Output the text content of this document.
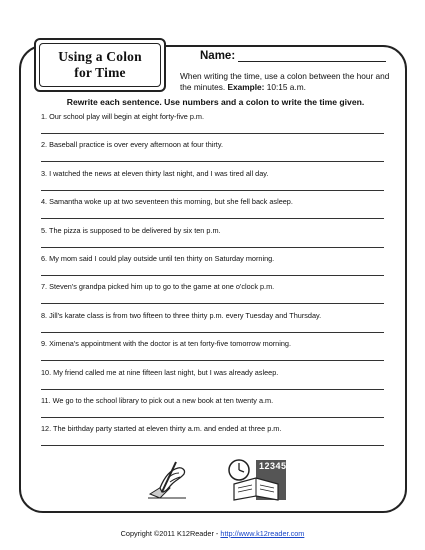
Using a Colon
for Time
Name:
When writing the time, use a colon between the hour and the minutes. Example: 10:15 a.m.
Rewrite each sentence. Use numbers and a colon to write the time given.
1. Our school play will begin at eight forty-five p.m.
2. Baseball practice is over every afternoon at four thirty.
3. I watched the news at eleven thirty last night, and I was tired all day.
4. Samantha woke up at two seventeen this morning, but she fell back asleep.
5. The pizza is supposed to be delivered by six ten p.m.
6. My mom said I could play outside until ten thirty on Saturday morning.
7. Steven's grandpa picked him up to go to the game at one o'clock p.m.
8. Jill's karate class is from two fifteen to three thirty p.m. every Tuesday and Thursday.
9. Ximena's appointment with the doctor is at ten forty-five tomorrow morning.
10. My friend called me at nine fifteen last night, but I was already asleep.
11. We go to the school library to pick out a new book at ten twenty a.m.
12. The birthday party started at eleven thirty a.m. and ended at three p.m.
12345
Copyright ©2011 K12Reader - http://www.k12reader.com
